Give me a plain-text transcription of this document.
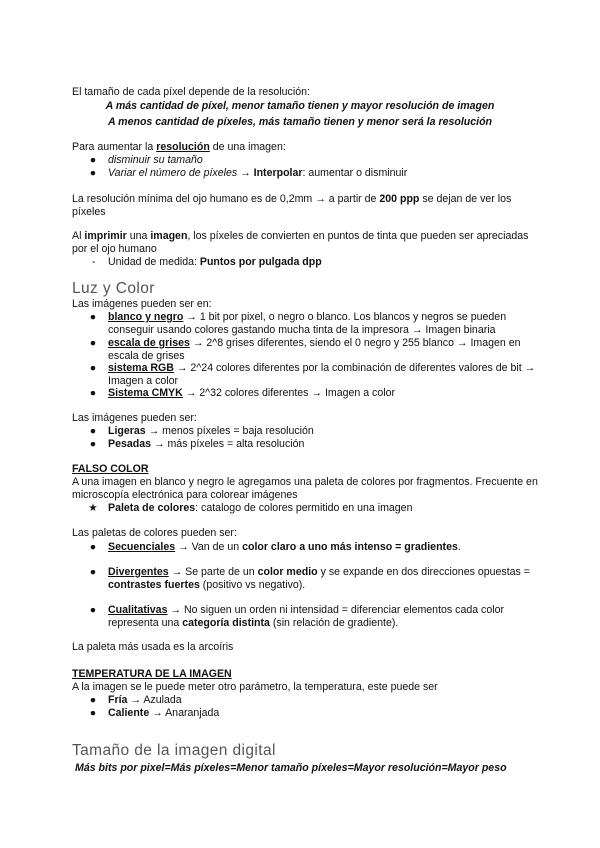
El tamaño de cada píxel depende de la resolución:
A más cantidad de píxel, menor tamaño tienen y mayor resolución de imagen
A menos cantidad de píxeles, más tamaño tienen y menor será la resolución
Para aumentar la resolución de una imagen:
●	disminuir su tamaño
●	Variar el número de píxeles → Interpolar: aumentar o disminuir
La resolución mínima del ojo humano es de 0,2mm → a partir de 200 ppp se dejan de ver los píxeles
Al imprimir una imagen, los píxeles de convierten en puntos de tinta que pueden ser apreciadas por el ojo humano
- Unidad de medida: Puntos por pulgada dpp
Luz y Color
Las imágenes pueden ser en:
●	blanco y negro → 1 bit por pixel, o negro o blanco. Los blancos y negros se pueden conseguir usando colores gastando mucha tinta de la impresora → Imagen binaria
●	escala de grises → 2^8 grises diferentes, siendo el 0 negro y 255 blanco → Imagen en escala de grises
●	sistema RGB → 2^24 colores diferentes por la combinación de diferentes valores de bit → Imagen a color
●	Sistema CMYK → 2^32 colores diferentes → Imagen a color
Las imágenes pueden ser:
●	Ligeras → menos píxeles = baja resolución
●	Pesadas → más píxeles = alta resolución
FALSO COLOR
A una imagen en blanco y negro le agregamos una paleta de colores por fragmentos. Frecuente en microscopía electrónica para colorear imágenes
★ Paleta de colores: catalogo de colores permitido en una imagen
Las paletas de colores pueden ser:
●	Secuenciales → Van de un color claro a uno más intenso = gradientes.
●	Divergentes → Se parte de un color medio y se expande en dos direcciones opuestas = contrastes fuertes (positivo vs negativo).
●	Cualitativas → No siguen un orden ni intensidad = diferenciar elementos cada color representa una categoría distinta (sin relación de gradiente).
La paleta más usada es la arcoíris
TEMPERATURA DE LA IMAGEN
A la imagen se le puede meter otro parámetro, la temperatura, este puede ser
●	Fría → Azulada
●	Caliente → Anaranjada
Tamaño de la imagen digital
Más bits por pixel=Más píxeles=Menor tamaño píxeles=Mayor resolución=Mayor peso
